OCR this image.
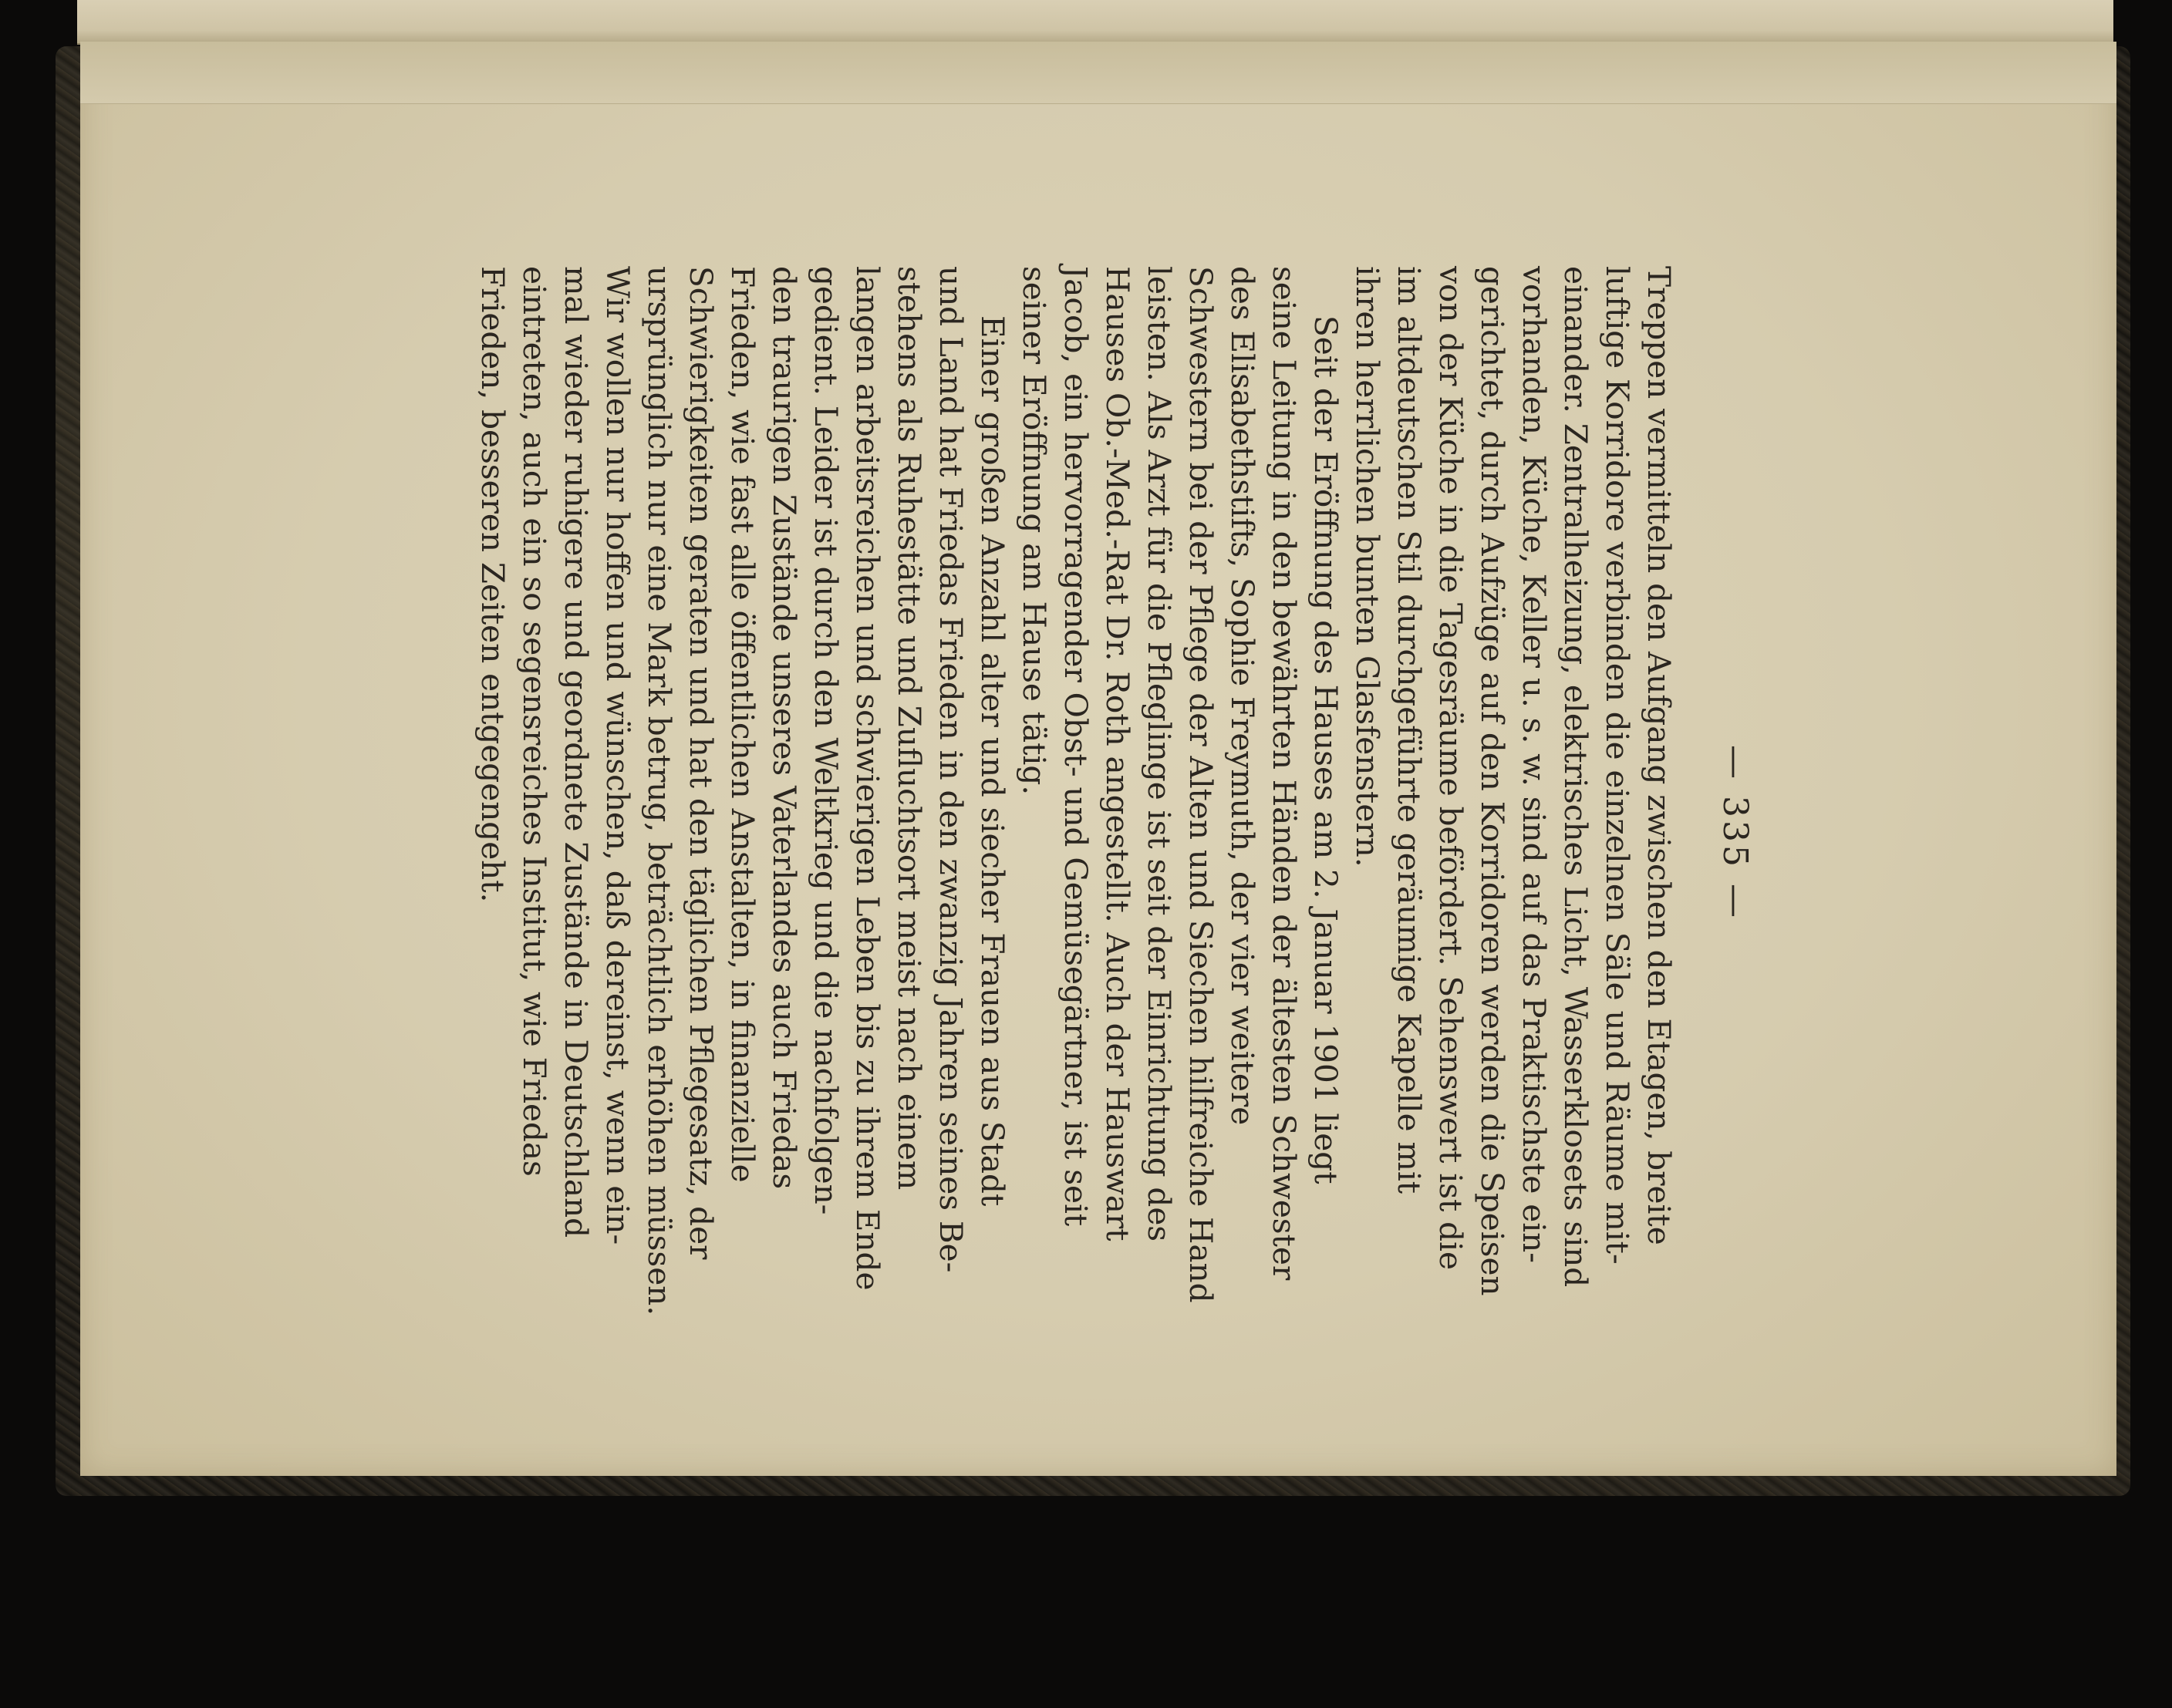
— 335 —

Treppen vermitteln den Aufgang zwischen den Etagen, breite
luftige Korridore verbinden die einzelnen Säle und Räume mit-
einander. Zentralheizung, elektrisches Licht, Wasserklosets sind
vorhanden, Küche, Keller u. s. w. sind auf das Praktischste ein-
gerichtet, durch Aufzüge auf den Korridoren werden die Speisen
von der Küche in die Tagesräume befördert. Sehenswert ist die
im altdeutschen Stil durchgeführte geräumige Kapelle mit
ihren herrlichen bunten Glasfenstern.

Seit der Eröffnung des Hauses am 2. Januar 1901 liegt
seine Leitung in den bewährten Händen der ältesten Schwester
des Elisabethstifts, Sophie Freymuth, der vier weitere
Schwestern bei der Pflege der Alten und Siechen hilfreiche Hand
leisten. Als Arzt für die Pfleglinge ist seit der Einrichtung des
Hauses Ob.-Med.-Rat Dr. Roth angestellt. Auch der Hauswart
Jacob, ein hervorragender Obst- und Gemüsegärtner, ist seit
seiner Eröffnung am Hause tätig.

Einer großen Anzahl alter und siecher Frauen aus Stadt
und Land hat Friedas Frieden in den zwanzig Jahren seines Be-
stehens als Ruhestätte und Zufluchtsort meist nach einem
langen arbeitsreichen und schwierigen Leben bis zu ihrem Ende
gedient. Leider ist durch den Weltkrieg und die nachfolgen-
den traurigen Zustände unseres Vaterlandes auch Friedas
Frieden, wie fast alle öffentlichen Anstalten, in finanzielle
Schwierigkeiten geraten und hat den täglichen Pflegesatz, der
ursprünglich nur eine Mark betrug, beträchtlich erhöhen müssen.
Wir wollen nur hoffen und wünschen, daß dereinst, wenn ein-
mal wieder ruhigere und geordnete Zustände in Deutschland
eintreten, auch ein so segensreiches Institut, wie Friedas
Frieden, besseren Zeiten entgegengeht.
